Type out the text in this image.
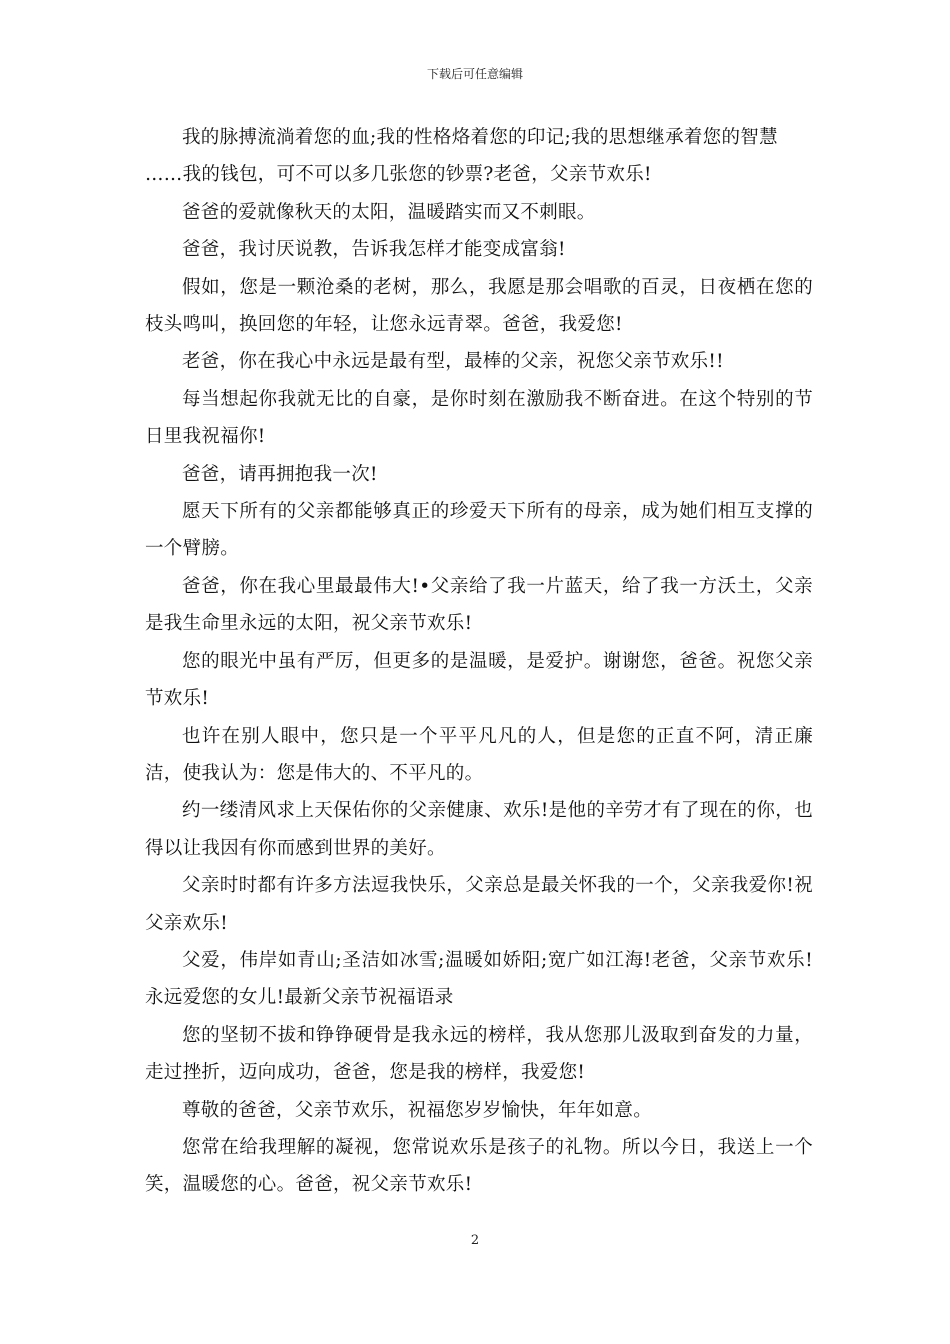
下载后可任意编辑

我的脉搏流淌着您的血;我的性格烙着您的印记;我的思想继承着您的智慧

……我的钱包，可不可以多几张您的钞票?老爸，父亲节欢乐!

爸爸的爱就像秋天的太阳，温暖踏实而又不刺眼。

爸爸，我讨厌说教，告诉我怎样才能变成富翁!

假如，您是一颗沧桑的老树，那么，我愿是那会唱歌的百灵，日夜栖在您的枝头鸣叫，换回您的年轻，让您永远青翠。爸爸，我爱您!

老爸，你在我心中永远是最有型，最棒的父亲，祝您父亲节欢乐!!

每当想起你我就无比的自豪，是你时刻在激励我不断奋进。在这个特别的节日里我祝福你!

爸爸，请再拥抱我一次!

愿天下所有的父亲都能够真正的珍爱天下所有的母亲，成为她们相互支撑的一个臂膀。

爸爸，你在我心里最最伟大!•父亲给了我一片蓝天，给了我一方沃土，父亲是我生命里永远的太阳，祝父亲节欢乐!

您的眼光中虽有严厉，但更多的是温暖，是爱护。谢谢您，爸爸。祝您父亲节欢乐!

也许在别人眼中，您只是一个平平凡凡的人，但是您的正直不阿，清正廉洁，使我认为：您是伟大的、不平凡的。

约一缕清风求上天保佑你的父亲健康、欢乐!是他的辛劳才有了现在的你，也得以让我因有你而感到世界的美好。

父亲时时都有许多方法逗我快乐，父亲总是最关怀我的一个，父亲我爱你!祝父亲欢乐!

父爱，伟岸如青山;圣洁如冰雪;温暖如娇阳;宽广如江海!老爸，父亲节欢乐!永远爱您的女儿!最新父亲节祝福语录

您的坚韧不拔和铮铮硬骨是我永远的榜样，我从您那儿汲取到奋发的力量，走过挫折，迈向成功，爸爸，您是我的榜样，我爱您!

尊敬的爸爸，父亲节欢乐，祝福您岁岁愉快，年年如意。

您常在给我理解的凝视，您常说欢乐是孩子的礼物。所以今日，我送上一个笑，温暖您的心。爸爸，祝父亲节欢乐!

2
